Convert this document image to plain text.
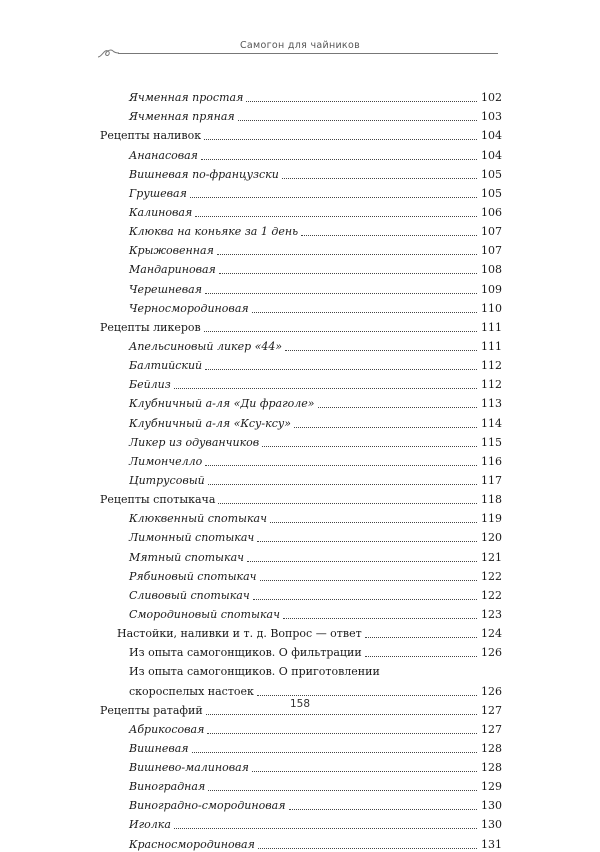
Самогон для чайников
Ячменная простая	102
Ячменная пряная	103
Рецепты наливок	104
Ананасовая	104
Вишневая по-французски	105
Грушевая	105
Калиновая	106
Клюква на коньяке за 1 день	107
Крыжовенная	107
Мандариновая	108
Черешневая	109
Черносмородиновая	110
Рецепты ликеров	111
Апельсиновый ликер «44»	111
Балтийский	112
Бейлиз	112
Клубничный а-ля «Ди фраголе»	113
Клубничный а-ля «Ксу-ксу»	114
Ликер из одуванчиков	115
Лимончелло	116
Цитрусовый	117
Рецепты спотыкача	118
Клюквенный спотыкач	119
Лимонный спотыкач	120
Мятный спотыкач	121
Рябиновый спотыкач	122
Сливовый спотыкач	122
Смородиновый спотыкач	123
Настойки, наливки и т. д. Вопрос — ответ	124
Из опыта самогонщиков. О фильтрации	126
Из опыта самогонщиков. О приготовлении
скороспелых настоек	126
Рецепты ратафий	127
Абрикосовая	127
Вишневая	128
Вишнево-малиновая	128
Виноградная	129
Виноградно-смородиновая	130
Иголка	130
Красносмородиновая	131
158
